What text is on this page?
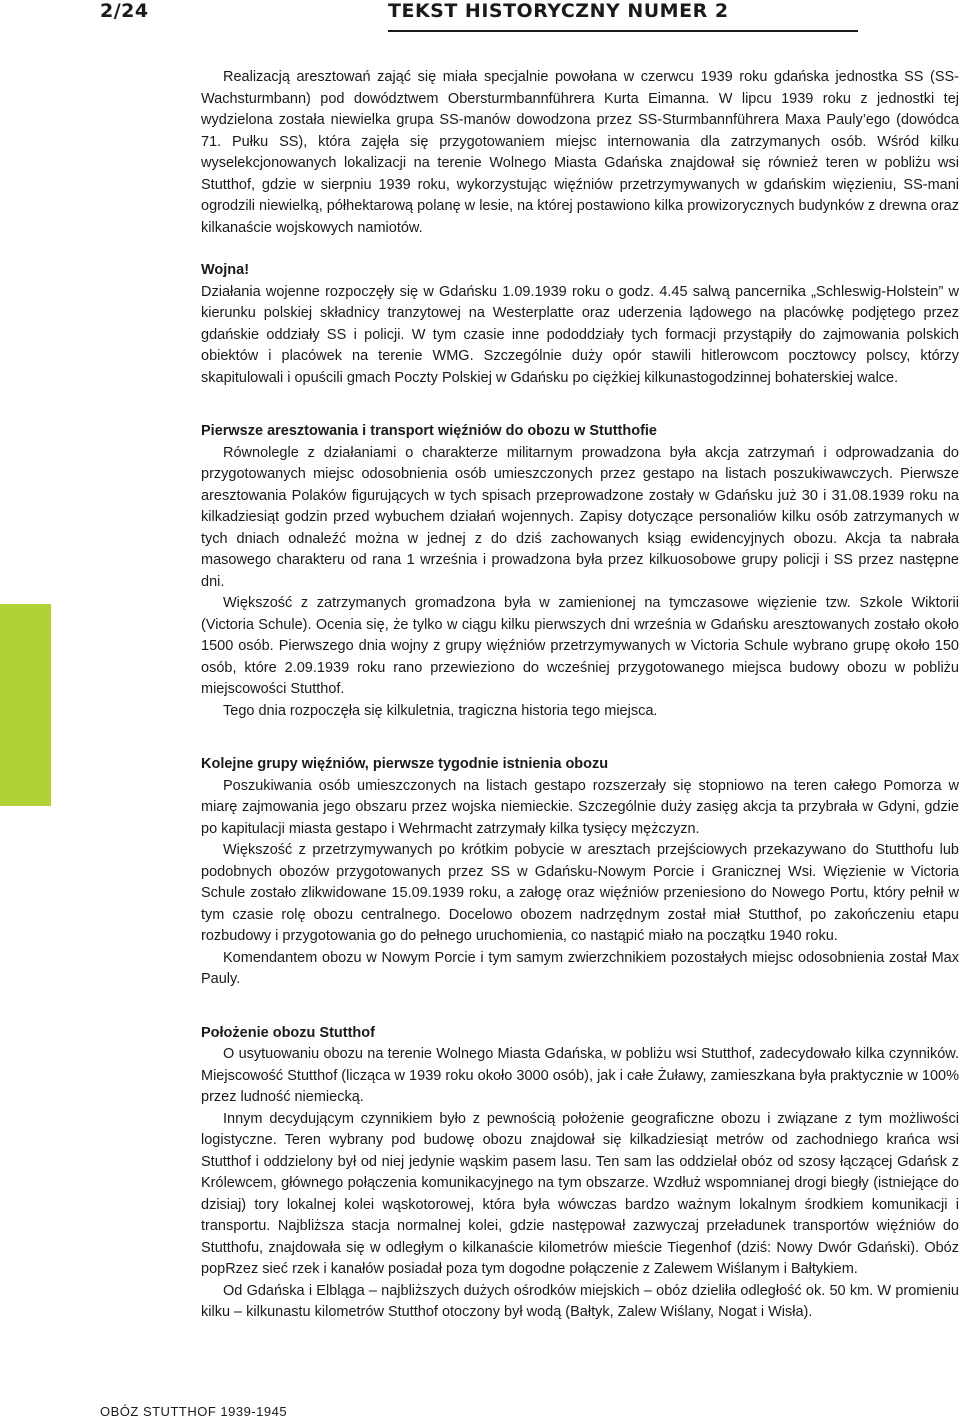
2/24	TEKST HISTORYCZNY NUMER 2

Realizacją aresztowań zająć się miała specjalnie powołana w czerwcu 1939 roku gdańska jednostka SS (SS-Wachsturmbann) pod dowództwem Obersturmbannführera Kurta Eimanna. W lipcu 1939 roku z jednostki tej wydzielona została niewielka grupa SS-manów dowodzona przez SS-Sturmbannführera Maxa Pauly’ego (dowódca 71. Pułku SS), która zajęła się przygotowaniem miejsc internowania dla zatrzymanych osób. Wśród kilku wyselekcjonowanych lokalizacji na terenie Wolnego Miasta Gdańska znajdował się również teren w pobliżu wsi Stutthof, gdzie w sierpniu 1939 roku, wykorzystując więźniów przetrzymywanych w gdańskim więzieniu, SS-mani ogrodzili niewielką, półhektarową polanę w lesie, na której postawiono kilka prowizorycznych budynków z drewna oraz kilkanaście wojskowych namiotów.

Wojna!

Działania wojenne rozpoczęły się w Gdańsku 1.09.1939 roku o godz. 4.45 salwą pancernika „Schleswig-Holstein” w kierunku polskiej składnicy tranzytowej na Westerplatte oraz uderzenia lądowego na placówkę podjętego przez gdańskie oddziały SS i policji. W tym czasie inne pododdziały tych formacji przystąpiły do zajmowania polskich obiektów i placówek na terenie WMG. Szczególnie duży opór stawili hitlerowcom pocztowcy polscy, którzy skapitulowali i opuścili gmach Poczty Polskiej w Gdańsku po ciężkiej kilkunastogodzinnej bohaterskiej walce.

Pierwsze aresztowania i transport więźniów do obozu w Stutthofie

Równolegle z działaniami o charakterze militarnym prowadzona była akcja zatrzymań i odprowadzania do przygotowanych miejsc odosobnienia osób umieszczonych przez gestapo na listach poszukiwawczych. Pierwsze aresztowania Polaków figurujących w tych spisach przeprowadzone zostały w Gdańsku już 30 i 31.08.1939 roku na kilkadziesiąt godzin przed wybuchem działań wojennych. Zapisy dotyczące personaliów kilku osób zatrzymanych w tych dniach odnaleźć można w jednej z do dziś zachowanych ksiąg ewidencyjnych obozu. Akcja ta nabrała masowego charakteru od rana 1 września i prowadzona była przez kilkuosobowe grupy policji i SS przez następne dni.

Większość z zatrzymanych gromadzona była w zamienionej na tymczasowe więzienie tzw. Szkole Wiktorii (Victoria Schule). Ocenia się, że tylko w ciągu kilku pierwszych dni września w Gdańsku aresztowanych zostało około 1500 osób. Pierwszego dnia wojny z grupy więźniów przetrzymywanych w Victoria Schule wybrano grupę około 150 osób, które 2.09.1939 roku rano przewieziono do wcześniej przygotowanego miejsca budowy obozu w pobliżu miejscowości Stutthof.

Tego dnia rozpoczęła się kilkuletnia, tragiczna historia tego miejsca.

Kolejne grupy więźniów, pierwsze tygodnie istnienia obozu

Poszukiwania osób umieszczonych na listach gestapo rozszerzały się stopniowo na teren całego Pomorza w miarę zajmowania jego obszaru przez wojska niemieckie. Szczególnie duży zasięg akcja ta przybrała w Gdyni, gdzie po kapitulacji miasta gestapo i Wehrmacht zatrzymały kilka tysięcy mężczyzn.

Większość z przetrzymywanych po krótkim pobycie w aresztach przejściowych przekazywano do Stutthofu lub podobnych obozów przygotowanych przez SS w Gdańsku-Nowym Porcie i Granicznej Wsi. Więzienie w Victoria Schule zostało zlikwidowane 15.09.1939 roku, a załogę oraz więźniów przeniesiono do Nowego Portu, który pełnił w tym czasie rolę obozu centralnego. Docelowo obozem nadrzędnym został miał Stutthof, po zakończeniu etapu rozbudowy i przygotowania go do pełnego uruchomienia, co nastąpić miało na początku 1940 roku.

Komendantem obozu w Nowym Porcie i tym samym zwierzchnikiem pozostałych miejsc odosobnienia został Max Pauly.

Położenie obozu Stutthof

O usytuowaniu obozu na terenie Wolnego Miasta Gdańska, w pobliżu wsi Stutthof, zadecydowało kilka czynników. Miejscowość Stutthof (licząca w 1939 roku około 3000 osób), jak i całe Żuławy, zamieszkana była praktycznie w 100% przez ludność niemiecką.

Innym decydującym czynnikiem było z pewnością położenie geograficzne obozu i związane z tym możliwości logistyczne. Teren wybrany pod budowę obozu znajdował się kilkadziesiąt metrów od zachodniego krańca wsi Stutthof i oddzielony był od niej jedynie wąskim pasem lasu. Ten sam las oddzielał obóz od szosy łączącej Gdańsk z Królewcem, głównego połączenia komunikacyjnego na tym obszarze. Wzdłuż wspomnianej drogi biegły (istniejące do dzisiaj) tory lokalnej kolei wąskotorowej, która była wówczas bardzo ważnym lokalnym środkiem komunikacji i transportu. Najbliższa stacja normalnej kolei, gdzie następował zazwyczaj przeładunek transportów więźniów do Stutthofu, znajdowała się w odległym o kilkanaście kilometrów mieście Tiegenhof (dziś: Nowy Dwór Gdański). Obóz popRzez sieć rzek i kanałów posiadał poza tym dogodne połączenie z Zalewem Wiślanym i Bałtykiem.

Od Gdańska i Elbląga – najbliższych dużych ośrodków miejskich – obóz dzieliła odległość ok. 50 km. W promieniu kilku – kilkunastu kilometrów Stutthof otoczony był wodą (Bałtyk, Zalew Wiślany, Nogat i Wisła).

OBÓZ STUTTHOF 1939-1945
